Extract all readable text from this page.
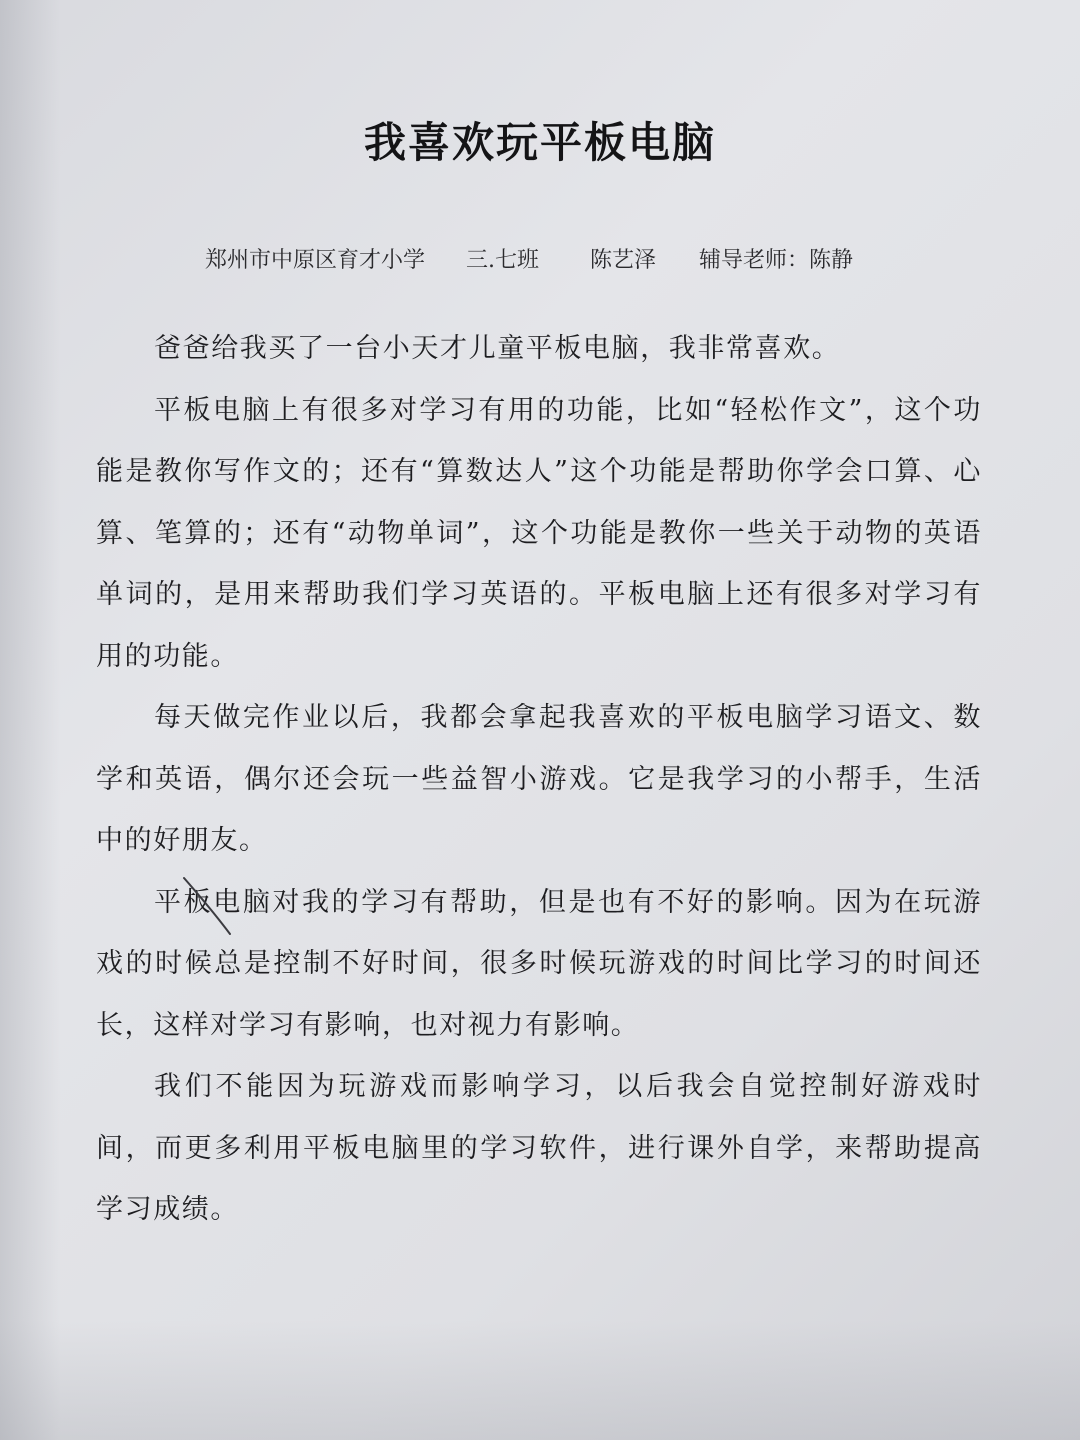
我喜欢玩平板电脑
郑州市中原区育才小学 三.七班 陈艺泽 辅导老师：陈静

爸爸给我买了一台小天才儿童平板电脑，我非常喜欢。

平板电脑上有很多对学习有用的功能，比如“轻松作文”，这个功能是教你写作文的；还有“算数达人”这个功能是帮助你学会口算、心算、笔算的；还有“动物单词”，这个功能是教你一些关于动物的英语单词的，是用来帮助我们学习英语的。平板电脑上还有很多对学习有用的功能。

每天做完作业以后，我都会拿起我喜欢的平板电脑学习语文、数学和英语，偶尔还会玩一些益智小游戏。它是我学习的小帮手，生活中的好朋友。

平板电脑对我的学习有帮助，但是也有不好的影响。因为在玩游戏的时候总是控制不好时间，很多时候玩游戏的时间比学习的时间还长，这样对学习有影响，也对视力有影响。

我们不能因为玩游戏而影响学习，以后我会自觉控制好游戏时间，而更多利用平板电脑里的学习软件，进行课外自学，来帮助提高学习成绩。
